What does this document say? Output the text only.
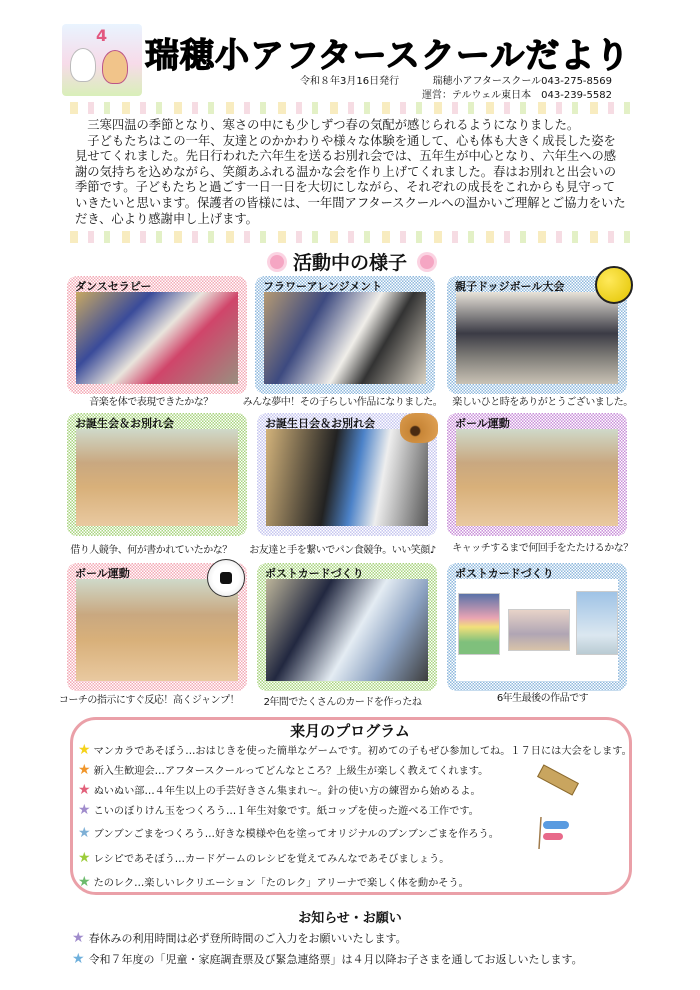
4
瑞穂小アフタースクールだより
令和８年3月16日発行	瑞穂小アフタースクール043-275-8569
運営：テルウェル東日本　043-239-5582

三寒四温の季節となり、寒さの中にも少しずつ春の気配が感じられるようになりました。

子どもたちはこの一年、友達とのかかわりや様々な体験を通して、心も体も大きく成長した姿を見せてくれました。先日行われた六年生を送るお別れ会では、五年生が中心となり、六年生への感謝の気持ちを込めながら、笑顔あふれる温かな会を作り上げてくれました。春はお別れと出会いの季節です。子どもたちと過ごす一日一日を大切にしながら、それぞれの成長をこれからも見守っていきたいと思います。保護者の皆様には、一年間アフタースクールへの温かいご理解とご協力をいただき、心より感謝申し上げます。

活動中の様子
ダンスセラピー	フラワーアレンジメント	親子ドッジボール大会
音楽を体で表現できたかな？	みんな夢中！その子らしい作品になりました。	楽しいひと時をありがとうございました。
お誕生会＆お別れ会	お誕生日会＆お別れ会	ボール運動
借り人競争、何が書かれていたかな？	お友達と手を繋いでパン食競争。いい笑顔♪	キャッチするまで何回手をたたけるかな？
ボール運動	ポストカードづくり	ポストカードづくり
コーチの指示にすぐ反応！高くジャンプ！	2年間でたくさんのカードを作ったね	6年生最後の作品です
来月のプログラム
★ マンカラであそぼう…おはじきを使った簡単なゲームです。初めての子もぜひ参加してね。１７日には大会をします。
★ 新入生歓迎会…アフタースクールってどんなところ？上級生が楽しく教えてくれます。
★ ぬいぬい部…４年生以上の手芸好きさん集まれ～。針の使い方の練習から始めるよ。
★ こいのぼりけん玉をつくろう…１年生対象です。紙コップを使った遊べる工作です。
★ ブンブンごまをつくろう…好きな模様や色を塗ってオリジナルのブンブンごまを作ろう。
★ レシピであそぼう…カードゲームのレシピを覚えてみんなであそびましょう。
★ たのレク…楽しいレクリエーション「たのレク」アリーナで楽しく体を動かそう。
お知らせ・お願い
★ 春休みの利用時間は必ず登所時間のご入力をお願いいたします。
★ 令和７年度の「児童・家庭調査票及び緊急連絡票」は４月以降お子さまを通してお返しいたします。
